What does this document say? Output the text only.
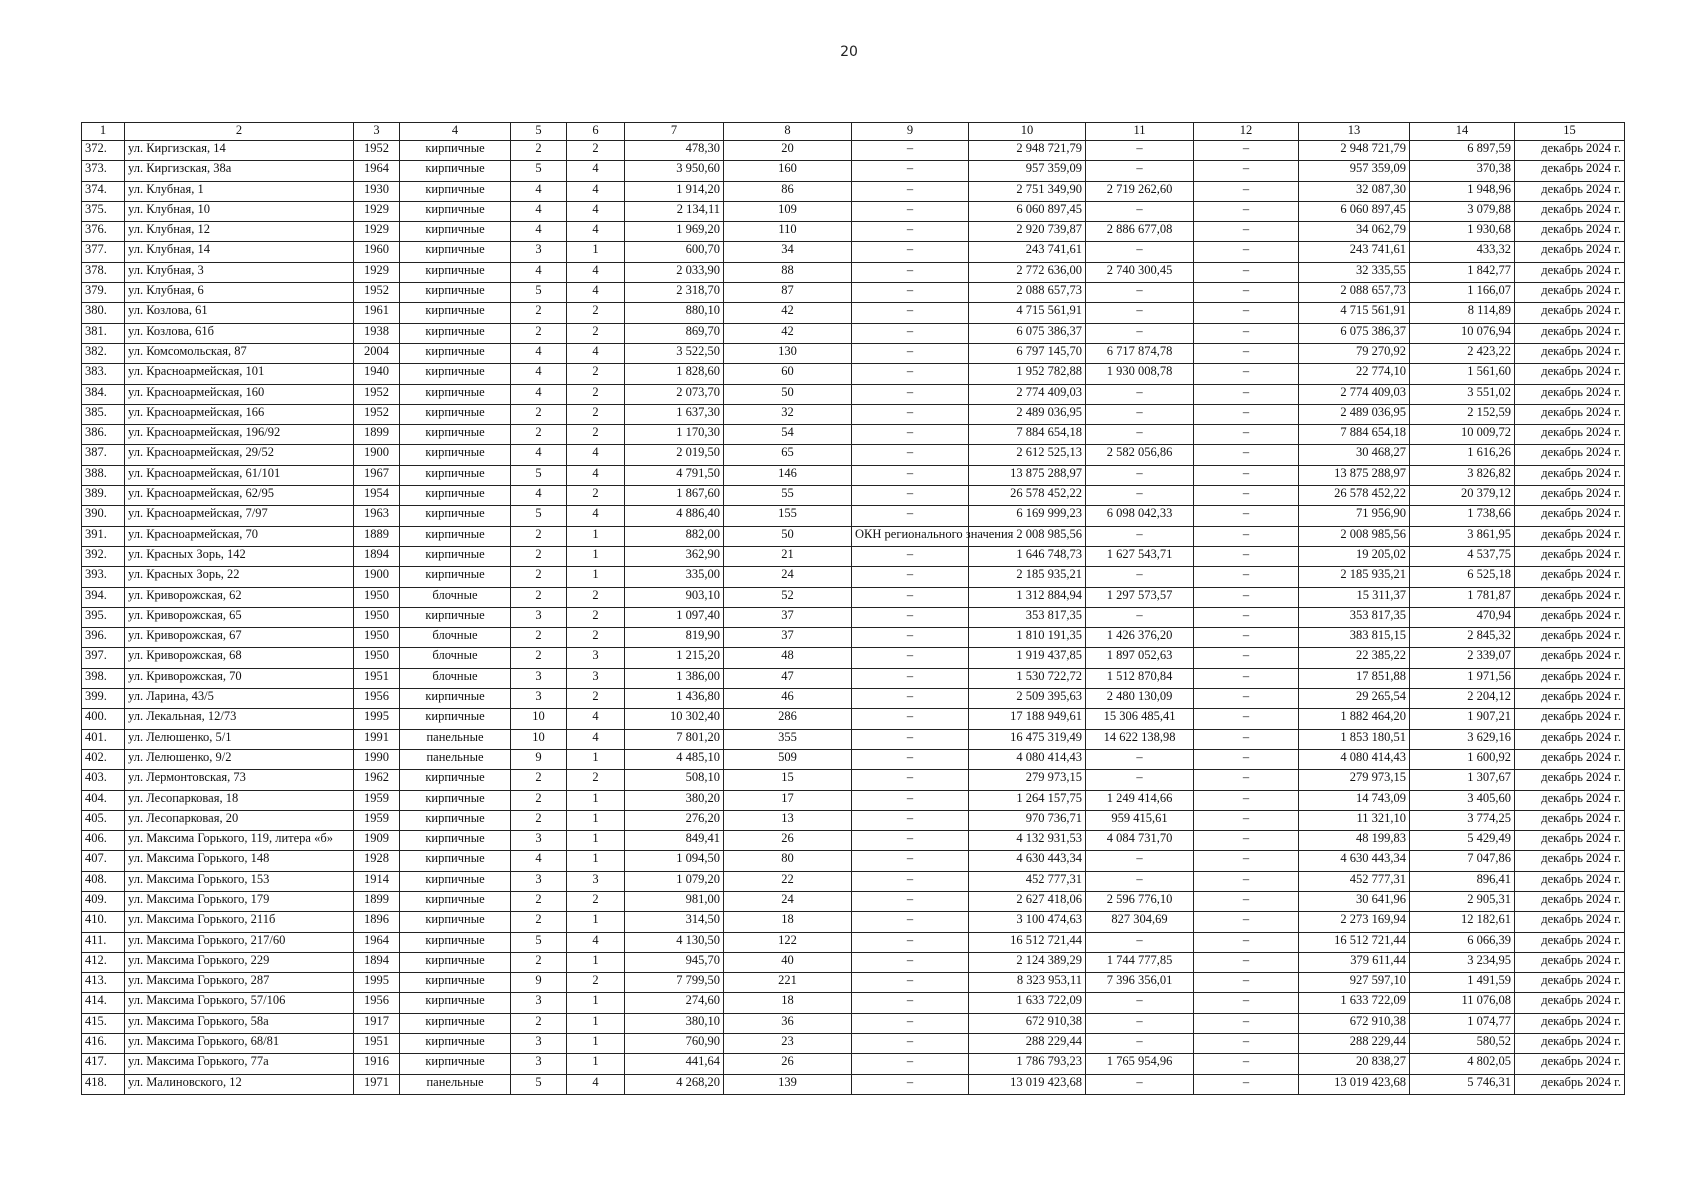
20
1	2	3	4	5	6	7	8	9	10	11	12	13	14	15
372.	ул. Киргизская, 14	1952	кирпичные	2	2	478,30	20	–	2 948 721,79	–	–	2 948 721,79	6 897,59	декабрь 2024 г.
373.	ул. Киргизская, 38а	1964	кирпичные	5	4	3 950,60	160	–	957 359,09	–	–	957 359,09	370,38	декабрь 2024 г.
374.	ул. Клубная, 1	1930	кирпичные	4	4	1 914,20	86	–	2 751 349,90	2 719 262,60	–	32 087,30	1 948,96	декабрь 2024 г.
375.	ул. Клубная, 10	1929	кирпичные	4	4	2 134,11	109	–	6 060 897,45	–	–	6 060 897,45	3 079,88	декабрь 2024 г.
376.	ул. Клубная, 12	1929	кирпичные	4	4	1 969,20	110	–	2 920 739,87	2 886 677,08	–	34 062,79	1 930,68	декабрь 2024 г.
377.	ул. Клубная, 14	1960	кирпичные	3	1	600,70	34	–	243 741,61	–	–	243 741,61	433,32	декабрь 2024 г.
378.	ул. Клубная, 3	1929	кирпичные	4	4	2 033,90	88	–	2 772 636,00	2 740 300,45	–	32 335,55	1 842,77	декабрь 2024 г.
379.	ул. Клубная, 6	1952	кирпичные	5	4	2 318,70	87	–	2 088 657,73	–	–	2 088 657,73	1 166,07	декабрь 2024 г.
380.	ул. Козлова, 61	1961	кирпичные	2	2	880,10	42	–	4 715 561,91	–	–	4 715 561,91	8 114,89	декабрь 2024 г.
381.	ул. Козлова, 61б	1938	кирпичные	2	2	869,70	42	–	6 075 386,37	–	–	6 075 386,37	10 076,94	декабрь 2024 г.
382.	ул. Комсомольская, 87	2004	кирпичные	4	4	3 522,50	130	–	6 797 145,70	6 717 874,78	–	79 270,92	2 423,22	декабрь 2024 г.
383.	ул. Красноармейская, 101	1940	кирпичные	4	2	1 828,60	60	–	1 952 782,88	1 930 008,78	–	22 774,10	1 561,60	декабрь 2024 г.
384.	ул. Красноармейская, 160	1952	кирпичные	4	2	2 073,70	50	–	2 774 409,03	–	–	2 774 409,03	3 551,02	декабрь 2024 г.
385.	ул. Красноармейская, 166	1952	кирпичные	2	2	1 637,30	32	–	2 489 036,95	–	–	2 489 036,95	2 152,59	декабрь 2024 г.
386.	ул. Красноармейская, 196/92	1899	кирпичные	2	2	1 170,30	54	–	7 884 654,18	–	–	7 884 654,18	10 009,72	декабрь 2024 г.
387.	ул. Красноармейская, 29/52	1900	кирпичные	4	4	2 019,50	65	–	2 612 525,13	2 582 056,86	–	30 468,27	1 616,26	декабрь 2024 г.
388.	ул. Красноармейская, 61/101	1967	кирпичные	5	4	4 791,50	146	–	13 875 288,97	–	–	13 875 288,97	3 826,82	декабрь 2024 г.
389.	ул. Красноармейская, 62/95	1954	кирпичные	4	2	1 867,60	55	–	26 578 452,22	–	–	26 578 452,22	20 379,12	декабрь 2024 г.
390.	ул. Красноармейская, 7/97	1963	кирпичные	5	4	4 886,40	155	–	6 169 999,23	6 098 042,33	–	71 956,90	1 738,66	декабрь 2024 г.
391.	ул. Красноармейская, 70	1889	кирпичные	2	1	882,00	50	ОКН регионального значения	2 008 985,56	–	–	2 008 985,56	3 861,95	декабрь 2024 г.
392.	ул. Красных Зорь, 142	1894	кирпичные	2	1	362,90	21	–	1 646 748,73	1 627 543,71	–	19 205,02	4 537,75	декабрь 2024 г.
393.	ул. Красных Зорь, 22	1900	кирпичные	2	1	335,00	24	–	2 185 935,21	–	–	2 185 935,21	6 525,18	декабрь 2024 г.
394.	ул. Криворожская, 62	1950	блочные	2	2	903,10	52	–	1 312 884,94	1 297 573,57	–	15 311,37	1 781,87	декабрь 2024 г.
395.	ул. Криворожская, 65	1950	кирпичные	3	2	1 097,40	37	–	353 817,35	–	–	353 817,35	470,94	декабрь 2024 г.
396.	ул. Криворожская, 67	1950	блочные	2	2	819,90	37	–	1 810 191,35	1 426 376,20	–	383 815,15	2 845,32	декабрь 2024 г.
397.	ул. Криворожская, 68	1950	блочные	2	3	1 215,20	48	–	1 919 437,85	1 897 052,63	–	22 385,22	2 339,07	декабрь 2024 г.
398.	ул. Криворожская, 70	1951	блочные	3	3	1 386,00	47	–	1 530 722,72	1 512 870,84	–	17 851,88	1 971,56	декабрь 2024 г.
399.	ул. Ларина, 43/5	1956	кирпичные	3	2	1 436,80	46	–	2 509 395,63	2 480 130,09	–	29 265,54	2 204,12	декабрь 2024 г.
400.	ул. Лекальная, 12/73	1995	кирпичные	10	4	10 302,40	286	–	17 188 949,61	15 306 485,41	–	1 882 464,20	1 907,21	декабрь 2024 г.
401.	ул. Лелюшенко, 5/1	1991	панельные	10	4	7 801,20	355	–	16 475 319,49	14 622 138,98	–	1 853 180,51	3 629,16	декабрь 2024 г.
402.	ул. Лелюшенко, 9/2	1990	панельные	9	1	4 485,10	509	–	4 080 414,43	–	–	4 080 414,43	1 600,92	декабрь 2024 г.
403.	ул. Лермонтовская, 73	1962	кирпичные	2	2	508,10	15	–	279 973,15	–	–	279 973,15	1 307,67	декабрь 2024 г.
404.	ул. Лесопарковая, 18	1959	кирпичные	2	1	380,20	17	–	1 264 157,75	1 249 414,66	–	14 743,09	3 405,60	декабрь 2024 г.
405.	ул. Лесопарковая, 20	1959	кирпичные	2	1	276,20	13	–	970 736,71	959 415,61	–	11 321,10	3 774,25	декабрь 2024 г.
406.	ул. Максима Горького, 119, литера «б»	1909	кирпичные	3	1	849,41	26	–	4 132 931,53	4 084 731,70	–	48 199,83	5 429,49	декабрь 2024 г.
407.	ул. Максима Горького, 148	1928	кирпичные	4	1	1 094,50	80	–	4 630 443,34	–	–	4 630 443,34	7 047,86	декабрь 2024 г.
408.	ул. Максима Горького, 153	1914	кирпичные	3	3	1 079,20	22	–	452 777,31	–	–	452 777,31	896,41	декабрь 2024 г.
409.	ул. Максима Горького, 179	1899	кирпичные	2	2	981,00	24	–	2 627 418,06	2 596 776,10	–	30 641,96	2 905,31	декабрь 2024 г.
410.	ул. Максима Горького, 211б	1896	кирпичные	2	1	314,50	18	–	3 100 474,63	827 304,69	–	2 273 169,94	12 182,61	декабрь 2024 г.
411.	ул. Максима Горького, 217/60	1964	кирпичные	5	4	4 130,50	122	–	16 512 721,44	–	–	16 512 721,44	6 066,39	декабрь 2024 г.
412.	ул. Максима Горького, 229	1894	кирпичные	2	1	945,70	40	–	2 124 389,29	1 744 777,85	–	379 611,44	3 234,95	декабрь 2024 г.
413.	ул. Максима Горького, 287	1995	кирпичные	9	2	7 799,50	221	–	8 323 953,11	7 396 356,01	–	927 597,10	1 491,59	декабрь 2024 г.
414.	ул. Максима Горького, 57/106	1956	кирпичные	3	1	274,60	18	–	1 633 722,09	–	–	1 633 722,09	11 076,08	декабрь 2024 г.
415.	ул. Максима Горького, 58а	1917	кирпичные	2	1	380,10	36	–	672 910,38	–	–	672 910,38	1 074,77	декабрь 2024 г.
416.	ул. Максима Горького, 68/81	1951	кирпичные	3	1	760,90	23	–	288 229,44	–	–	288 229,44	580,52	декабрь 2024 г.
417.	ул. Максима Горького, 77а	1916	кирпичные	3	1	441,64	26	–	1 786 793,23	1 765 954,96	–	20 838,27	4 802,05	декабрь 2024 г.
418.	ул. Малиновского, 12	1971	панельные	5	4	4 268,20	139	–	13 019 423,68	–	–	13 019 423,68	5 746,31	декабрь 2024 г.
